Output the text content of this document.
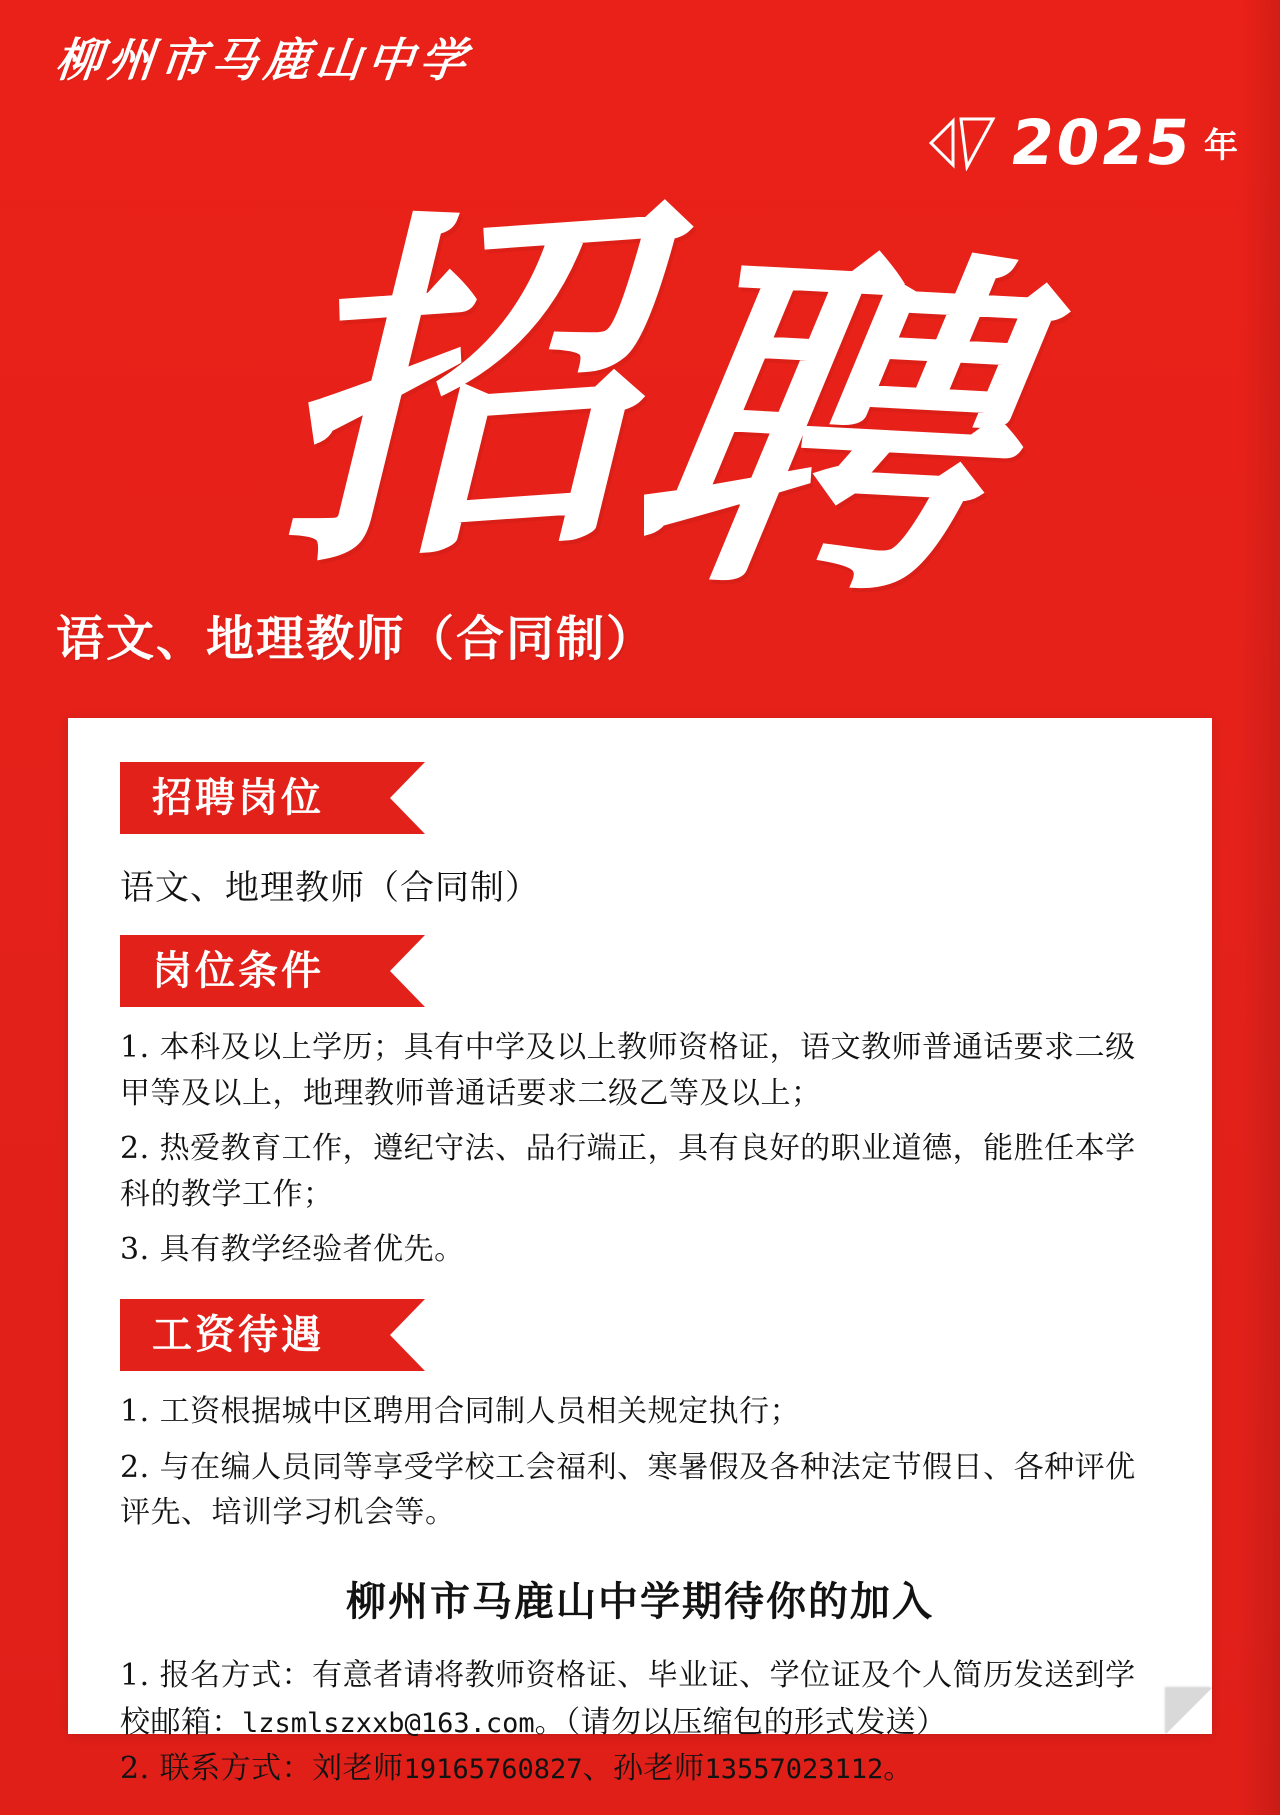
柳州市马鹿山中学
2025 年
招
聘
语文、地理教师（合同制）
招聘岗位

语文、地理教师（合同制）

岗位条件

1. 本科及以上学历；具有中学及以上教师资格证，语文教师普通话要求二级甲等及以上，地理教师普通话要求二级乙等及以上；

2. 热爱教育工作，遵纪守法、品行端正，具有良好的职业道德，能胜任本学科的教学工作；

3. 具有教学经验者优先。

工资待遇

1. 工资根据城中区聘用合同制人员相关规定执行；

2. 与在编人员同等享受学校工会福利、寒暑假及各种法定节假日、各种评优评先、培训学习机会等。

柳州市马鹿山中学期待你的加入

1. 报名方式：有意者请将教师资格证、毕业证、学位证及个人简历发送到学校邮箱：lzsmlszxxb@163.com。（请勿以压缩包的形式发送）

2. 联系方式：刘老师19165760827、孙老师13557023112。
